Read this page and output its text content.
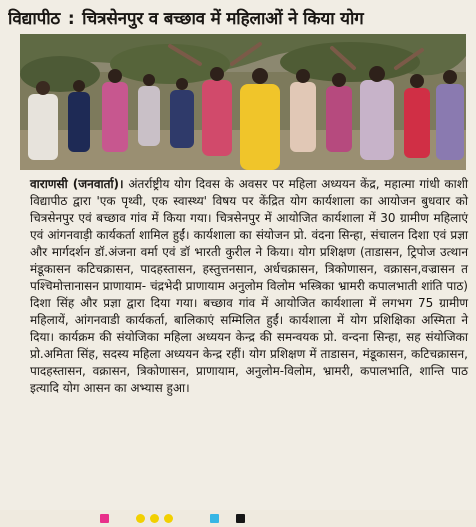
विद्यापीठ : चित्रसेनपुर व बच्छाव में महिलाओं ने किया योग
वाराणसी (जनवार्ता)। अंतर्राष्ट्रीय योग दिवस के अवसर पर महिला अध्ययन केंद्र, महात्मा गांधी काशी विद्यापीठ द्वारा 'एक पृथ्वी, एक स्वास्थ्य' विषय पर केंद्रित योग कार्यशाला का आयोजन बुधवार को चित्रसेनपुर एवं बच्छाव गांव में किया गया। चित्रसेनपुर में आयोजित कार्यशाला में 30 ग्रामीण महिलाएं एवं आंगनवाड़ी कार्यकर्ता शामिल हुईं। कार्यशाला का संयोजन प्रो. वंदना सिन्हा, संचालन दिशा एवं प्रज्ञा और मार्गदर्शन डॉ.अंजना वर्मा एवं डॉ भारती कुरील ने किया। योग प्रशिक्षण (ताडासन, ट्रिपोज उत्थान मंडूकासन कटिचक्रासन, पादहस्तासन, हस्तुत्तनसान, अर्धचक्रासन, त्रिकोणासन, वक्रासन,वज्रासन त पश्चिमोत्तानासन प्राणायाम- चंद्रभेदी प्राणायाम अनुलोम विलोम भस्त्रिका भ्रामरी कपालभाती शांति पाठ) दिशा सिंह और प्रज्ञा द्वारा दिया गया। बच्छाव गांव में आयोजित कार्यशाला में लगभग 75 ग्रामीण महिलायें, आंगनवाडी कार्यकर्ता, बालिकाएं सम्मिलित हुईं। कार्यशाला में योग प्रशिक्षिका अस्मिता ने दिया। कार्यक्रम की संयोजिका महिला अध्ययन केन्द्र की समन्वयक प्रो. वन्दना सिन्हा, सह संयोजिका प्रो.अमिता सिंह, सदस्य महिला अध्ययन केन्द्र रहीं। योग प्रशिक्षण में ताडासन, मंडूकासन, कटिचक्रासन, पादहस्तासन, वक्रासन, त्रिकोणासन, प्राणायाम, अनुलोम-विलोम, भ्रामरी, कपालभाति, शान्ति पाठ इत्यादि योग आसन का अभ्यास हुआ।
